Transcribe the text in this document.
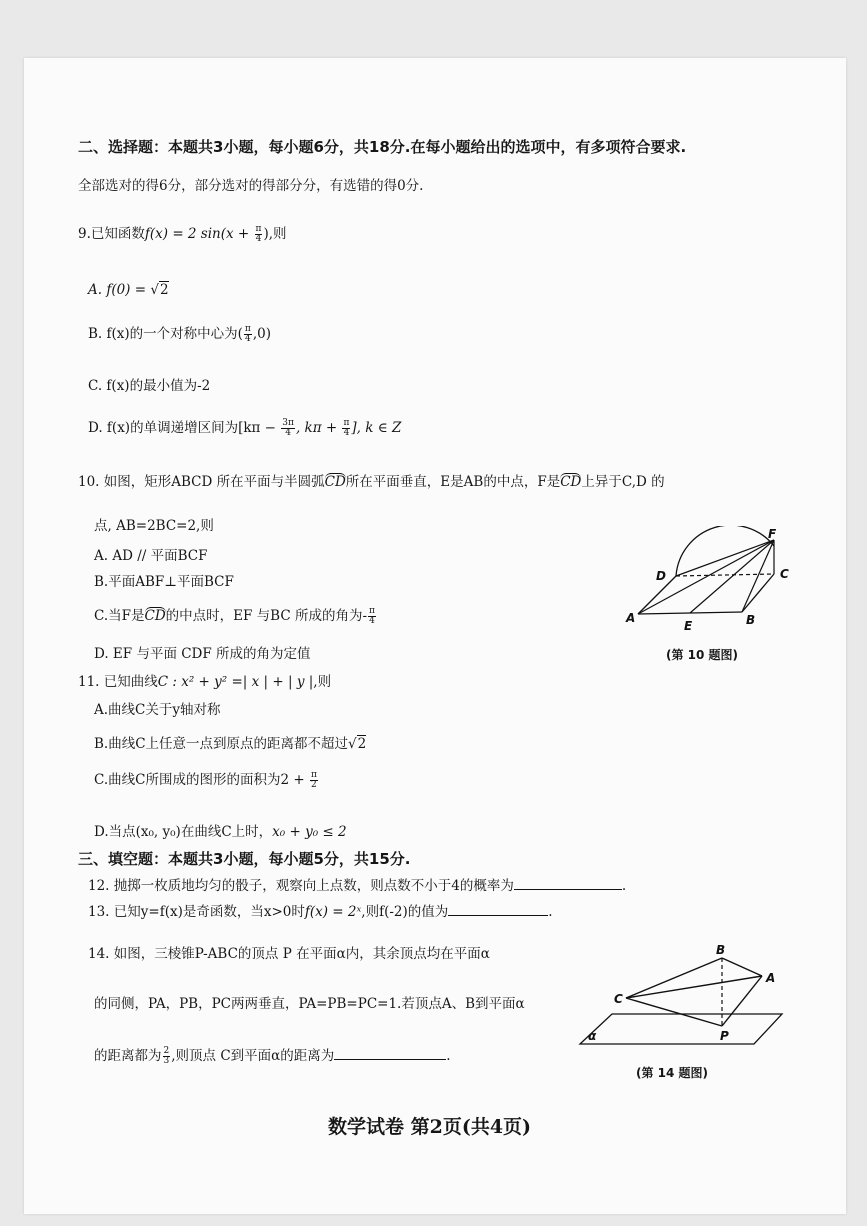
二、选择题：本题共3小题，每小题6分，共18分.在每小题给出的选项中，有多项符合要求.
全部选对的得6分，部分选对的得部分分，有选错的得0分.
9.已知函数f(x) = 2 $\sin(x + \frac{\pi}{4}$ ),则
A. f(0) = √2
B. f(x)的一个对称中心为( $\frac{\pi}{4} ,0$)
C. f(x)的最小值为-2
D. f(x)的单调递增区间为[$k\pi - \frac{3\pi}{4}$ , $k\pi + \frac{\pi}{4}$ ], k ∈ Z
10. 如图，矩形ABCD 所在平面与半圆弧CD所在平面垂直，E是AB的中点，F是CD上异于C,D 的
点, AB=2BC=2,则
A. AD // 平面BCF
B.平面ABF⊥平面BCF
C.当F是CD的中点时，EF 与BC 所成的角为- $\frac{\pi}{4}$
D. EF 与平面 CDF 所成的角为定值
A	B
C
D
E
F
(第 10 题图)
11. 已知曲线C : x² + y² =| x | + | y |,则
A.曲线C关于y轴对称
B.曲线C上任意一点到原点的距离都不超过√2
C.曲线C所围成的图形的面积为$2 + \frac{\pi}{2}$
D.当点(x₀, y₀)在曲线C上时，x₀ + y₀ ≤ 2
三、填空题：本题共3小题，每小题5分，共15分.
12. 抛掷一枚质地均匀的骰子，观察向上点数，则点数不小于4的概率为	.
13. 已知y=f(x)是奇函数，当x>0时f(x) = 2ˣ,则f(-2)的值为	.
14. 如图，三棱锥P-ABC的顶点 P 在平面α内，其余顶点均在平面α
的同侧，PA，PB，PC两两垂直，PA=PB=PC=1.若顶点A、B到平面α
的距离都为 $\frac{2}{3}$ ,则顶点 C到平面α的距离为	.
B
A
C
P
α
(第 14 题图)
数学试卷 第2页(共4页)
